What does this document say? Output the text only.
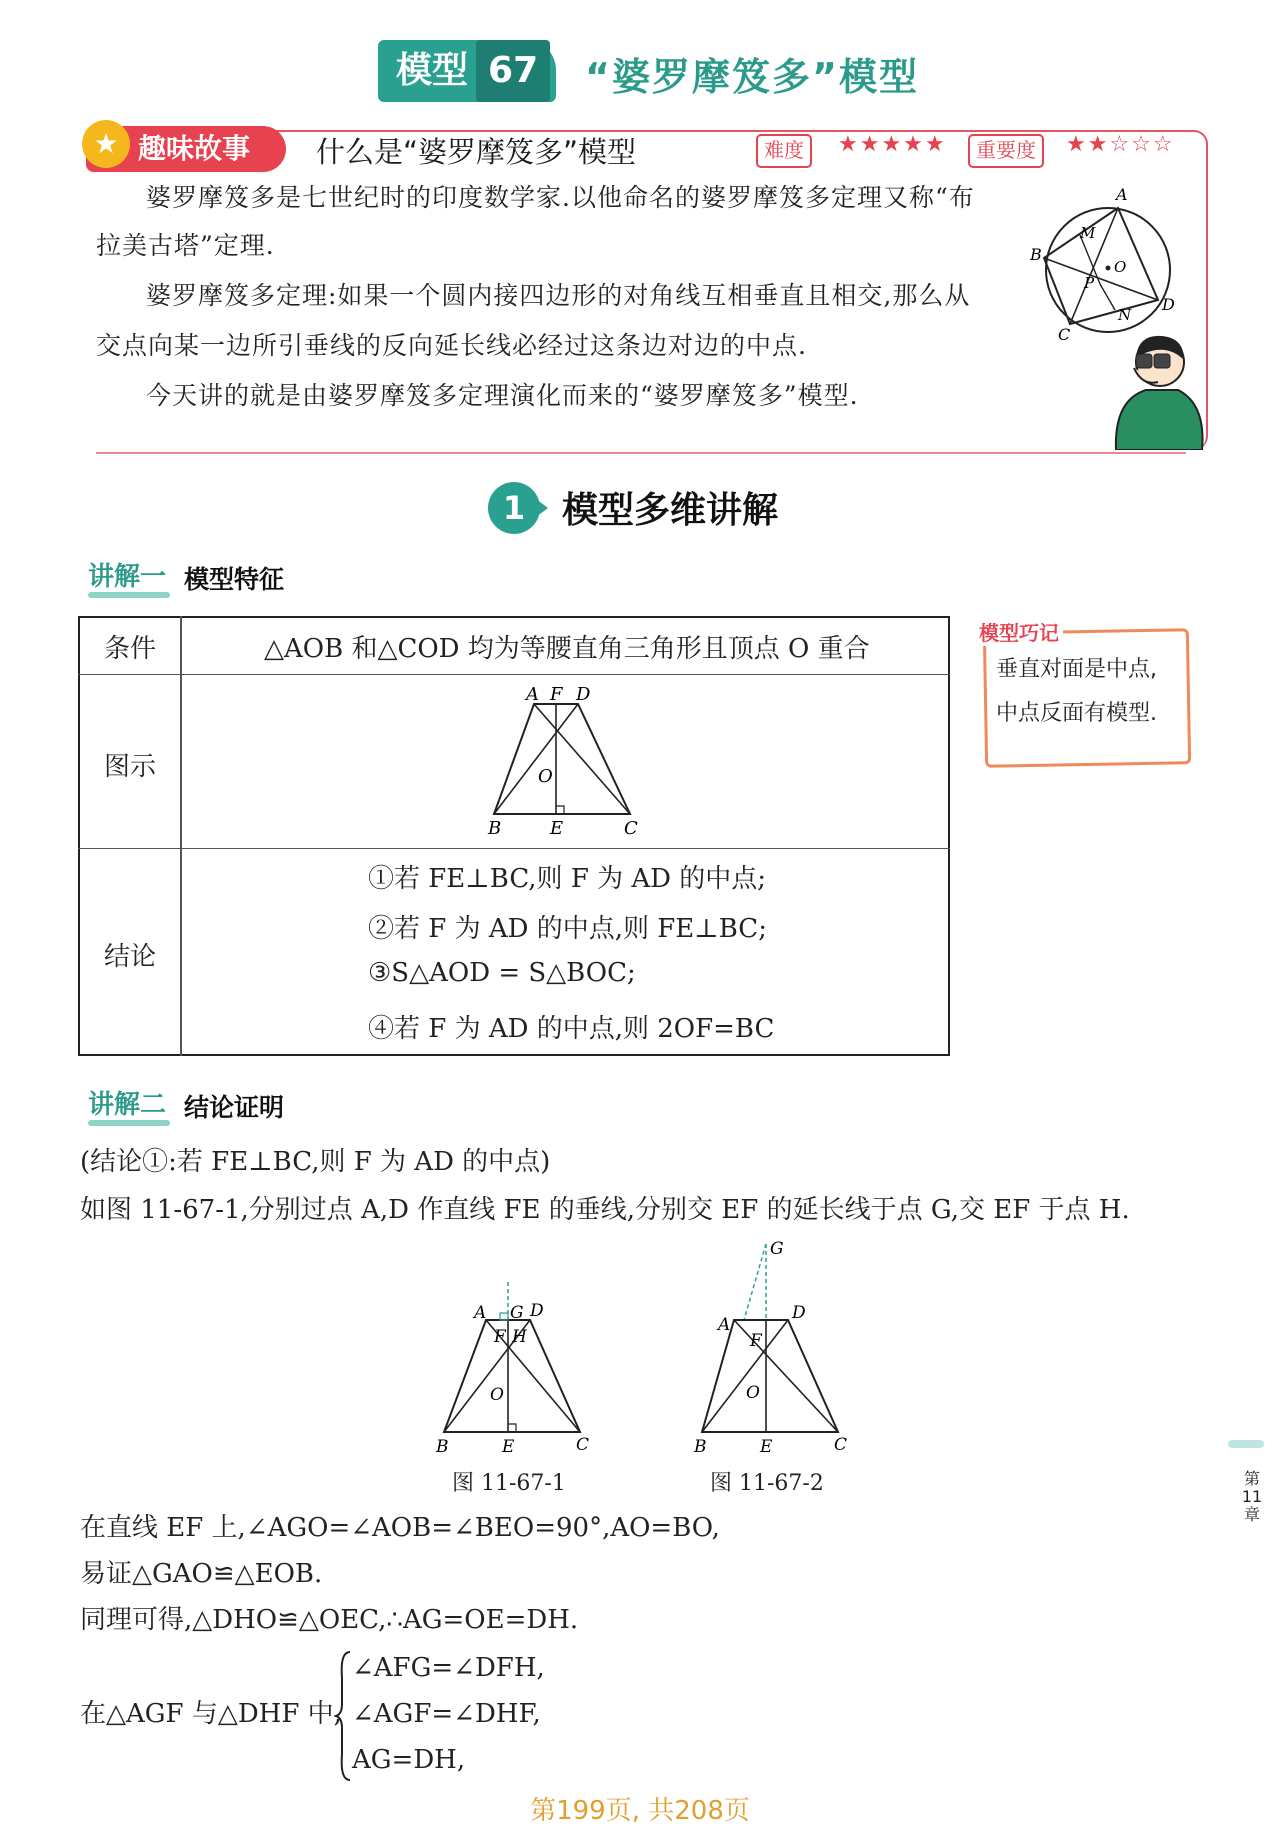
模型 67	“婆罗摩笈多”模型
趣味故事
★	什么是“婆罗摩笈多”模型	难度	★★★★★	重要度	★★☆☆☆
婆罗摩笈多是七世纪时的印度数学家.以他命名的婆罗摩笈多定理又称“布
拉美古塔”定理.
婆罗摩笈多定理:如果一个圆内接四边形的对角线互相垂直且相交,那么从
交点向某一边所引垂线的反向延长线必经过这条边对边的中点.
今天讲的就是由婆罗摩笈多定理演化而来的“婆罗摩笈多”模型.
A
B
C
D
M
O
P
N
1	模型多维讲解
讲解一 模型特征
条件	△AOB 和△COD 均为等腰直角三角形且顶点 O 重合
图示
A F D
O
B	E	C
结论
①若 FE⊥BC,则 F 为 AD 的中点;
②若 F 为 AD 的中点,则 FE⊥BC;
③S△AOD = S△BOC;
④若 F 为 AD 的中点,则 2OF=BC
模型巧记
垂直对面是中点,
中点反面有模型.
讲解二 结论证明
(结论①:若 FE⊥BC,则 F 为 AD 的中点)
如图 11-67-1,分别过点 A,D 作直线 FE 的垂线,分别交 EF 的延长线于点 G,交 EF 于点 H.
A G D
F H
O
B	E	C
图 11-67-1
G
A
D
F
O
B	E	C
图 11-67-2
在直线 EF 上,∠AGO=∠AOB=∠BEO=90°,AO=BO,
易证△GAO≌△EOB.
同理可得,△DHO≌△OEC,∴AG=OE=DH.
在△AGF 与△DHF 中,
∠AFG=∠DFH,
∠AGF=∠DHF,
AG=DH,
第11章
第199页, 共208页
